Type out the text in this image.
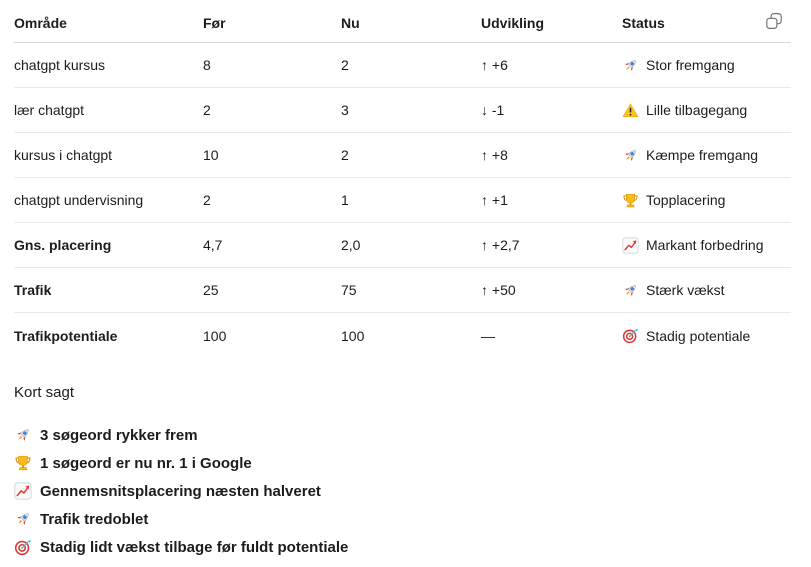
Område	Før	Nu	Udvikling	Status
chatgpt kursus	8	2	↑ +6	Stor fremgang
lær chatgpt	2	3	↓ -1	Lille tilbagegang
kursus i chatgpt	10	2	↑ +8	Kæmpe fremgang
chatgpt undervisning	2	1	↑ +1	Topplacering
Gns. placering	4,7	2,0	↑ +2,7	Markant forbedring
Trafik	25	75	↑ +50	Stærk vækst
Trafikpotentiale	100	100	—	Stadig potentiale
Kort sagt
3 søgeord rykker frem
1 søgeord er nu nr. 1 i Google
Gennemsnitsplacering næsten halveret
Trafik tredoblet
Stadig lidt vækst tilbage før fuldt potentiale
